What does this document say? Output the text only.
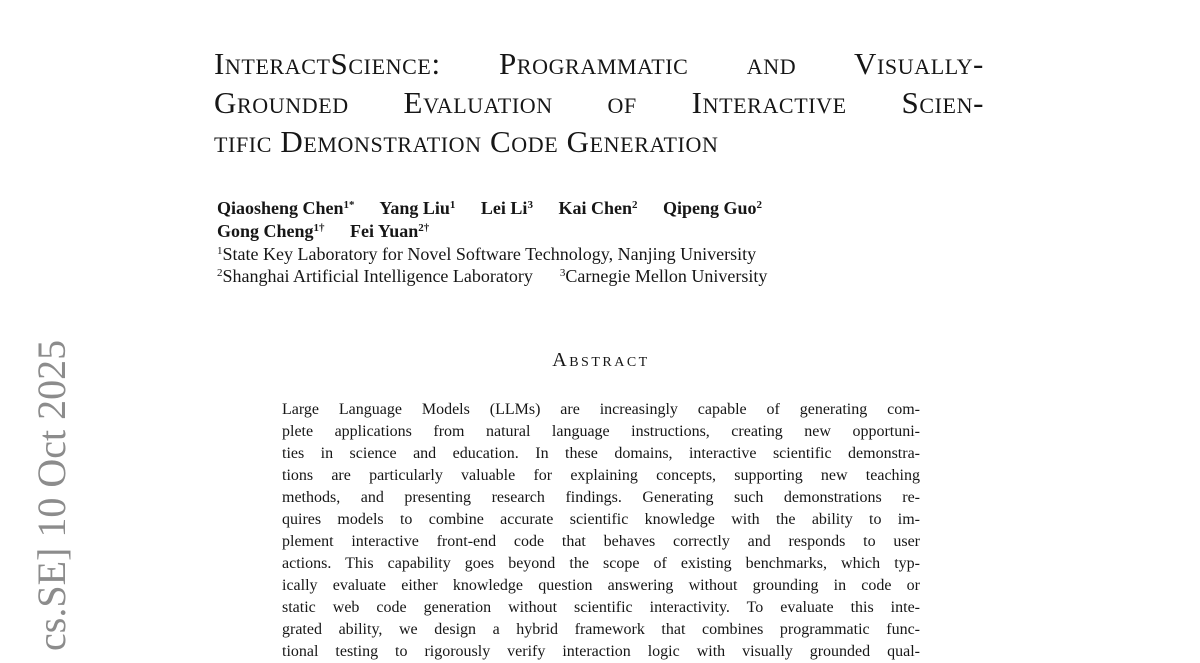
cs.SE] 10 Oct 2025
InteractScience: Programmatic and Visually-
Grounded Evaluation of Interactive Scien-
tific Demonstration Code Generation
Qiaosheng Chen$^{1*}$ Yang Liu$^1$ Lei Li$^3$ Kai Chen$^2$ Qipeng Guo$^2$
Gong Cheng$^{1\dagger}$ Fei Yuan$^{2\dagger}$
$^1$State Key Laboratory for Novel Software Technology, Nanjing University
$^2$Shanghai Artificial Intelligence Laboratory $^3$Carnegie Mellon University
Abstract
Large Language Models (LLMs) are increasingly capable of generating com-
plete applications from natural language instructions, creating new opportuni-
ties in science and education. In these domains, interactive scientific demonstra-
tions are particularly valuable for explaining concepts, supporting new teaching
methods, and presenting research findings. Generating such demonstrations re-
quires models to combine accurate scientific knowledge with the ability to im-
plement interactive front-end code that behaves correctly and responds to user
actions. This capability goes beyond the scope of existing benchmarks, which typ-
ically evaluate either knowledge question answering without grounding in code or
static web code generation without scientific interactivity. To evaluate this inte-
grated ability, we design a hybrid framework that combines programmatic func-
tional testing to rigorously verify interaction logic with visually grounded qual-
